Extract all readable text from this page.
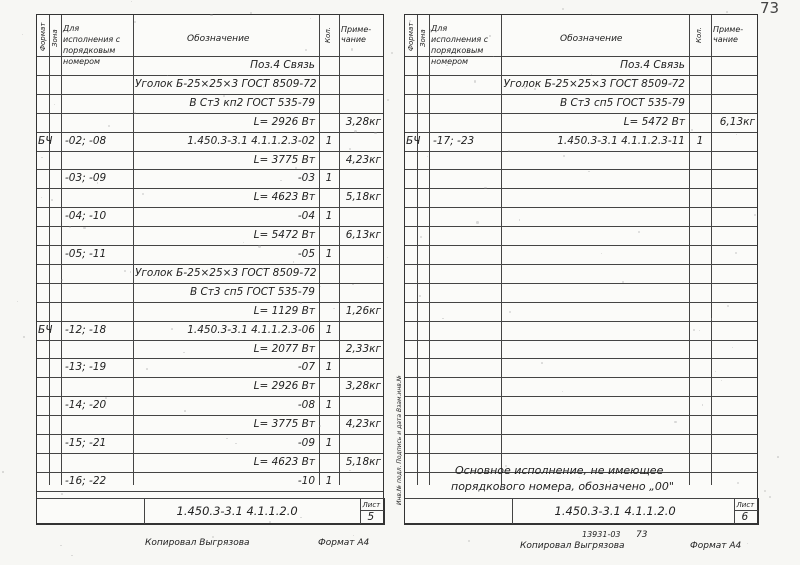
73
Формат Зона
Для исполнения с порядковым номером
Обозначение	Кол. Приме-чание
Поз.4 Связь
Уголок Б-25×25×3 ГОСТ 8509-72
В Ст3 кп2 ГОСТ 535-79
L= 2926 Вт	3,28кг
БЧ -02; -08	1.450.3-3.1 4.1.1.2.3-02	1
L= 3775 Вт	4,23кг
-03; -09	-03	1
L= 4623 Вт	5,18кг
-04; -10	-04	1
L= 5472 Вт	6,13кг
-05; -11	-05	1
Уголок Б-25×25×3 ГОСТ 8509-72
В Ст3 сп5 ГОСТ 535-79
L= 1129 Вт	1,26кг
БЧ -12; -18	1.450.3-3.1 4.1.1.2.3-06	1
L= 2077 Вт	2,33кг
-13; -19	-07	1
L= 2926 Вт	3,28кг
-14; -20	-08	1
L= 3775 Вт	4,23кг
-15; -21	-09	1
L= 4623 Вт	5,18кг
-16; -22	-10	1
1.450.3-3.1 4.1.1.2.0	Лист
5
Копировал Выгрязова	Формат А4
Формат Зона
Для исполнения с порядковым номером
Обозначение	Кол. Приме-чание
Поз.4 Связь
Уголок Б-25×25×3 ГОСТ 8509-72
В Ст3 сп5 ГОСТ 535-79
L= 5472 Вт	6,13кг
БЧ -17; -23	1.450.3-3.1 4.1.1.2.3-11	1
Основное исполнение, не имеющее
порядкового номера, обозначено „00"
1.450.3-3.1 4.1.1.2.0	Лист
6
Инв.№ подл. Подпись и дата Взам.инв.№
13931-03 73
Копировал Выгрязова	Формат А4
